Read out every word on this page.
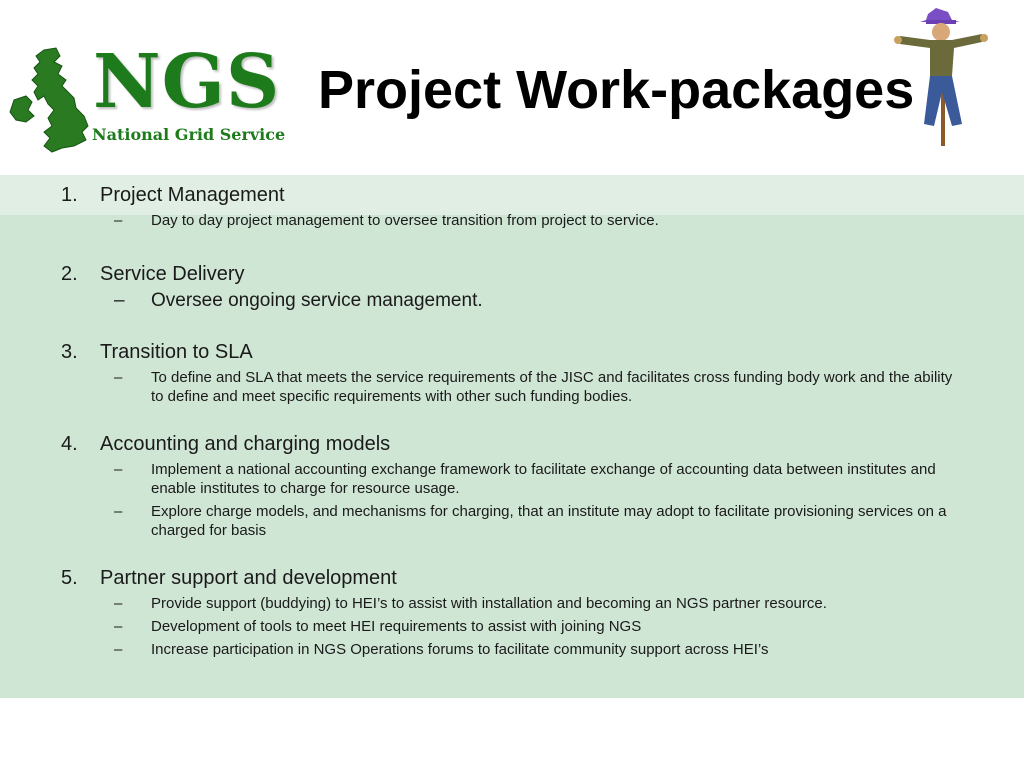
NGS
National Grid Service
Project Work-packages
1. Project Management
– Day to day project management to oversee transition from project to service.
2. Service Delivery
– Oversee ongoing service management.
3. Transition to SLA
– To define and SLA that meets the service requirements of the JISC and facilitates cross funding body work and the ability to define and meet specific requirements with other such funding bodies.
4. Accounting and charging models
– Implement a national accounting exchange framework to facilitate exchange of accounting data between institutes and enable institutes to charge for resource usage.
– Explore charge models, and mechanisms for charging, that an institute may adopt to facilitate provisioning services on a charged for basis
5. Partner support and development
– Provide support (buddying) to HEI’s to assist with installation and becoming an NGS partner resource.
– Development of tools to meet HEI requirements to assist with joining NGS
– Increase participation in NGS Operations forums to facilitate community support across HEI’s
